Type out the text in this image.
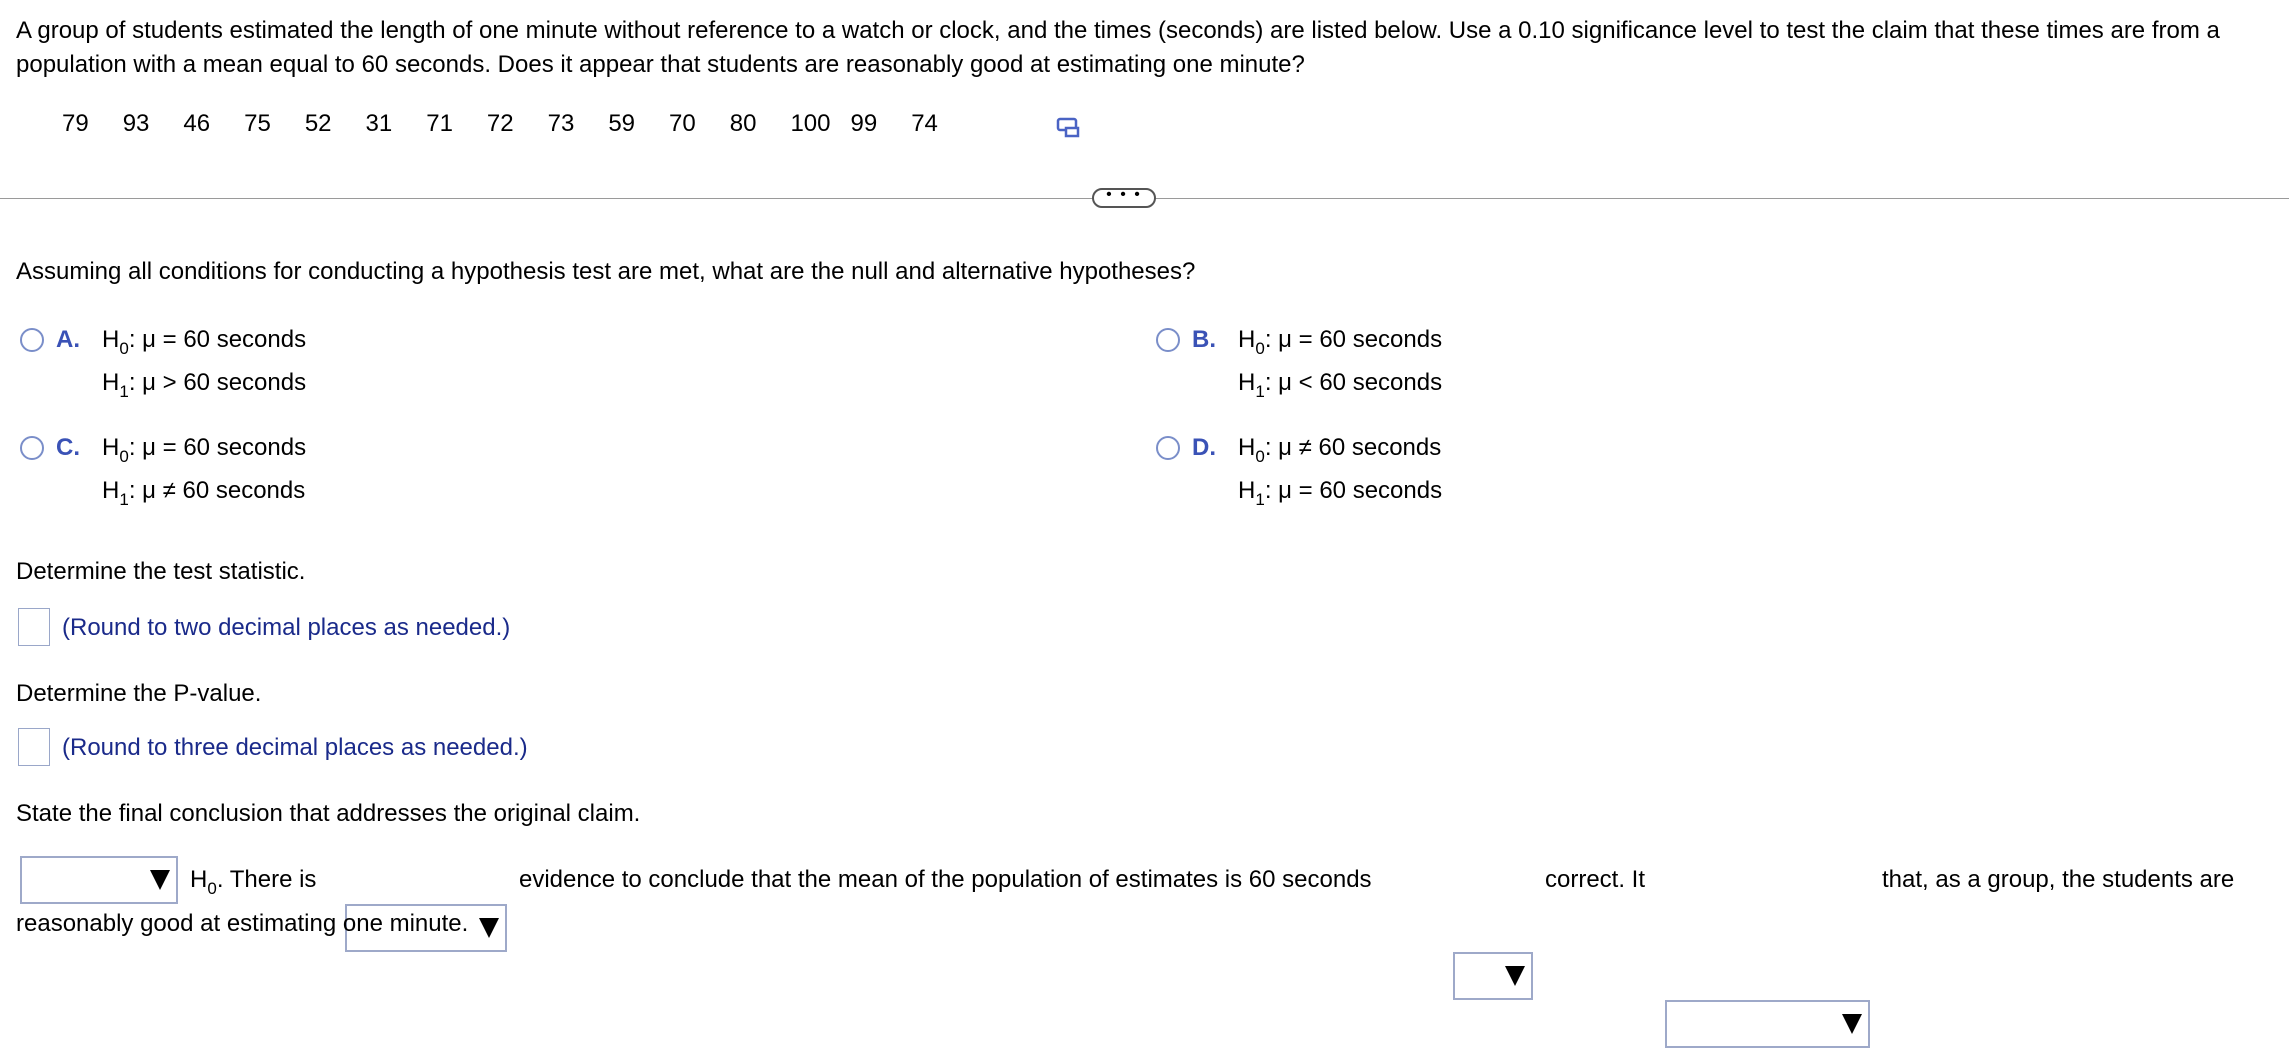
A group of students estimated the length of one minute without reference to a watch or clock, and the times (seconds) are listed below. Use a 0.10 significance level to test the claim that these times are from a population with a mean equal to 60 seconds. Does it appear that students are reasonably good at estimating one minute?

79 93 46 75 52 31 71 72 73 59 70 80 100 99 74
• • •
Assuming all conditions for conducting a hypothesis test are met, what are the null and alternative hypotheses?
A. $H_0$: μ = 60 seconds
$H_1$: μ > 60 seconds
B. $H_0$: μ = 60 seconds
$H_1$: μ < 60 seconds
C. $H_0$: μ = 60 seconds
$H_1$: μ ≠ 60 seconds
D. $H_0$: μ ≠ 60 seconds
$H_1$: μ = 60 seconds
Determine the test statistic.
(Round to two decimal places as needed.)
Determine the P-value.
(Round to three decimal places as needed.)
State the final conclusion that addresses the original claim.
$H_0$. There is	evidence to conclude that the mean of the population of estimates is 60 seconds	correct. It	that, as a group, the students are
reasonably good at estimating one minute.
